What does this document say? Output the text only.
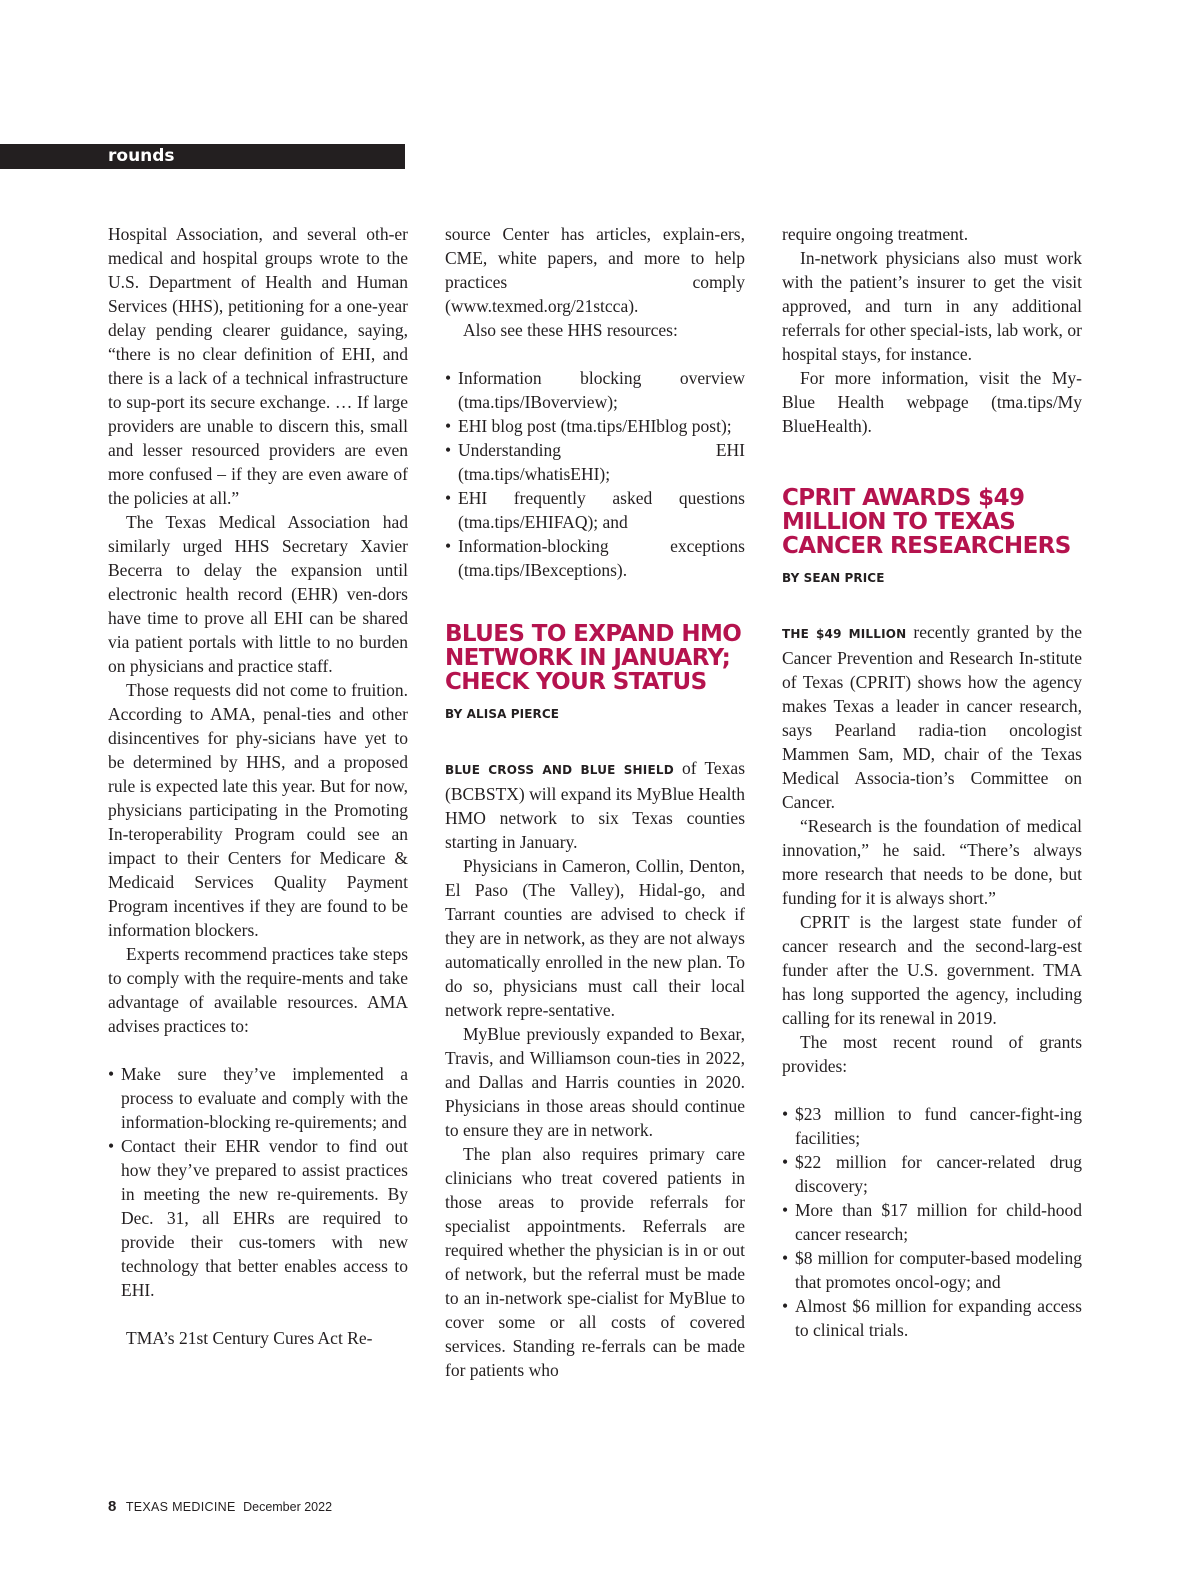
rounds

Hospital Association, and several oth-er medical and hospital groups wrote to the U.S. Department of Health and Human Services (HHS), petitioning for a one-year delay pending clearer guidance, saying, “there is no clear definition of EHI, and there is a lack of a technical infrastructure to sup-port its secure exchange. … If large providers are unable to discern this, small and lesser resourced providers are even more confused – if they are even aware of the policies at all.”

The Texas Medical Association had similarly urged HHS Secretary Xavier Becerra to delay the expansion until electronic health record (EHR) ven-dors have time to prove all EHI can be shared via patient portals with little to no burden on physicians and practice staff.

Those requests did not come to fruition. According to AMA, penal-ties and other disincentives for phy-sicians have yet to be determined by HHS, and a proposed rule is expected late this year. But for now, physicians participating in the Promoting In-teroperability Program could see an impact to their Centers for Medicare & Medicaid Services Quality Payment Program incentives if they are found to be information blockers.

Experts recommend practices take steps to comply with the require-ments and take advantage of available resources. AMA advises practices to:

• Make sure they’ve implemented a process to evaluate and comply with the information-blocking re-quirements; and
• Contact their EHR vendor to find out how they’ve prepared to assist practices in meeting the new re-quirements. By Dec. 31, all EHRs are required to provide their cus-tomers with new technology that better enables access to EHI.

TMA’s 21st Century Cures Act Re-

source Center has articles, explain-ers, CME, white papers, and more to help practices comply (www.texmed.org/21stcca).

Also see these HHS resources:

• Information blocking overview (tma.tips/IBoverview);
• EHI blog post (tma.tips/EHIblog post);
• Understanding EHI (tma.tips/whatisEHI);
• EHI frequently asked questions (tma.tips/EHIFAQ); and
• Information-blocking exceptions (tma.tips/IBexceptions).
BLUES TO EXPAND HMO NETWORK IN JANUARY; CHECK YOUR STATUS
BY ALISA PIERCE

BLUE CROSS AND BLUE SHIELD of Texas (BCBSTX) will expand its MyBlue Health HMO network to six Texas counties starting in January.

Physicians in Cameron, Collin, Denton, El Paso (The Valley), Hidal-go, and Tarrant counties are advised to check if they are in network, as they are not always automatically enrolled in the new plan. To do so, physicians must call their local network repre-sentative.

MyBlue previously expanded to Bexar, Travis, and Williamson coun-ties in 2022, and Dallas and Harris counties in 2020. Physicians in those areas should continue to ensure they are in network.

The plan also requires primary care clinicians who treat covered patients in those areas to provide referrals for specialist appointments. Referrals are required whether the physician is in or out of network, but the referral must be made to an in-network spe-cialist for MyBlue to cover some or all costs of covered services. Standing re-ferrals can be made for patients who

require ongoing treatment.

In-network physicians also must work with the patient’s insurer to get the visit approved, and turn in any additional referrals for other special-ists, lab work, or hospital stays, for instance.

For more information, visit the My-Blue Health webpage (tma.tips/My BlueHealth).

CPRIT AWARDS $49 MILLION TO TEXAS CANCER RESEARCHERS
BY SEAN PRICE

THE $49 MILLION recently granted by the Cancer Prevention and Research In-stitute of Texas (CPRIT) shows how the agency makes Texas a leader in cancer research, says Pearland radia-tion oncologist Mammen Sam, MD, chair of the Texas Medical Associa-tion’s Committee on Cancer.

“Research is the foundation of medical innovation,” he said. “There’s always more research that needs to be done, but funding for it is always short.”

CPRIT is the largest state funder of cancer research and the second-larg-est funder after the U.S. government. TMA has long supported the agency, including calling for its renewal in 2019.

The most recent round of grants provides:

• $23 million to fund cancer-fight-ing facilities;
• $22 million for cancer-related drug discovery;
• More than $17 million for child-hood cancer research;
• $8 million for computer-based modeling that promotes oncol-ogy; and
• Almost $6 million for expanding access to clinical trials.
8 TEXAS MEDICINE December 2022
